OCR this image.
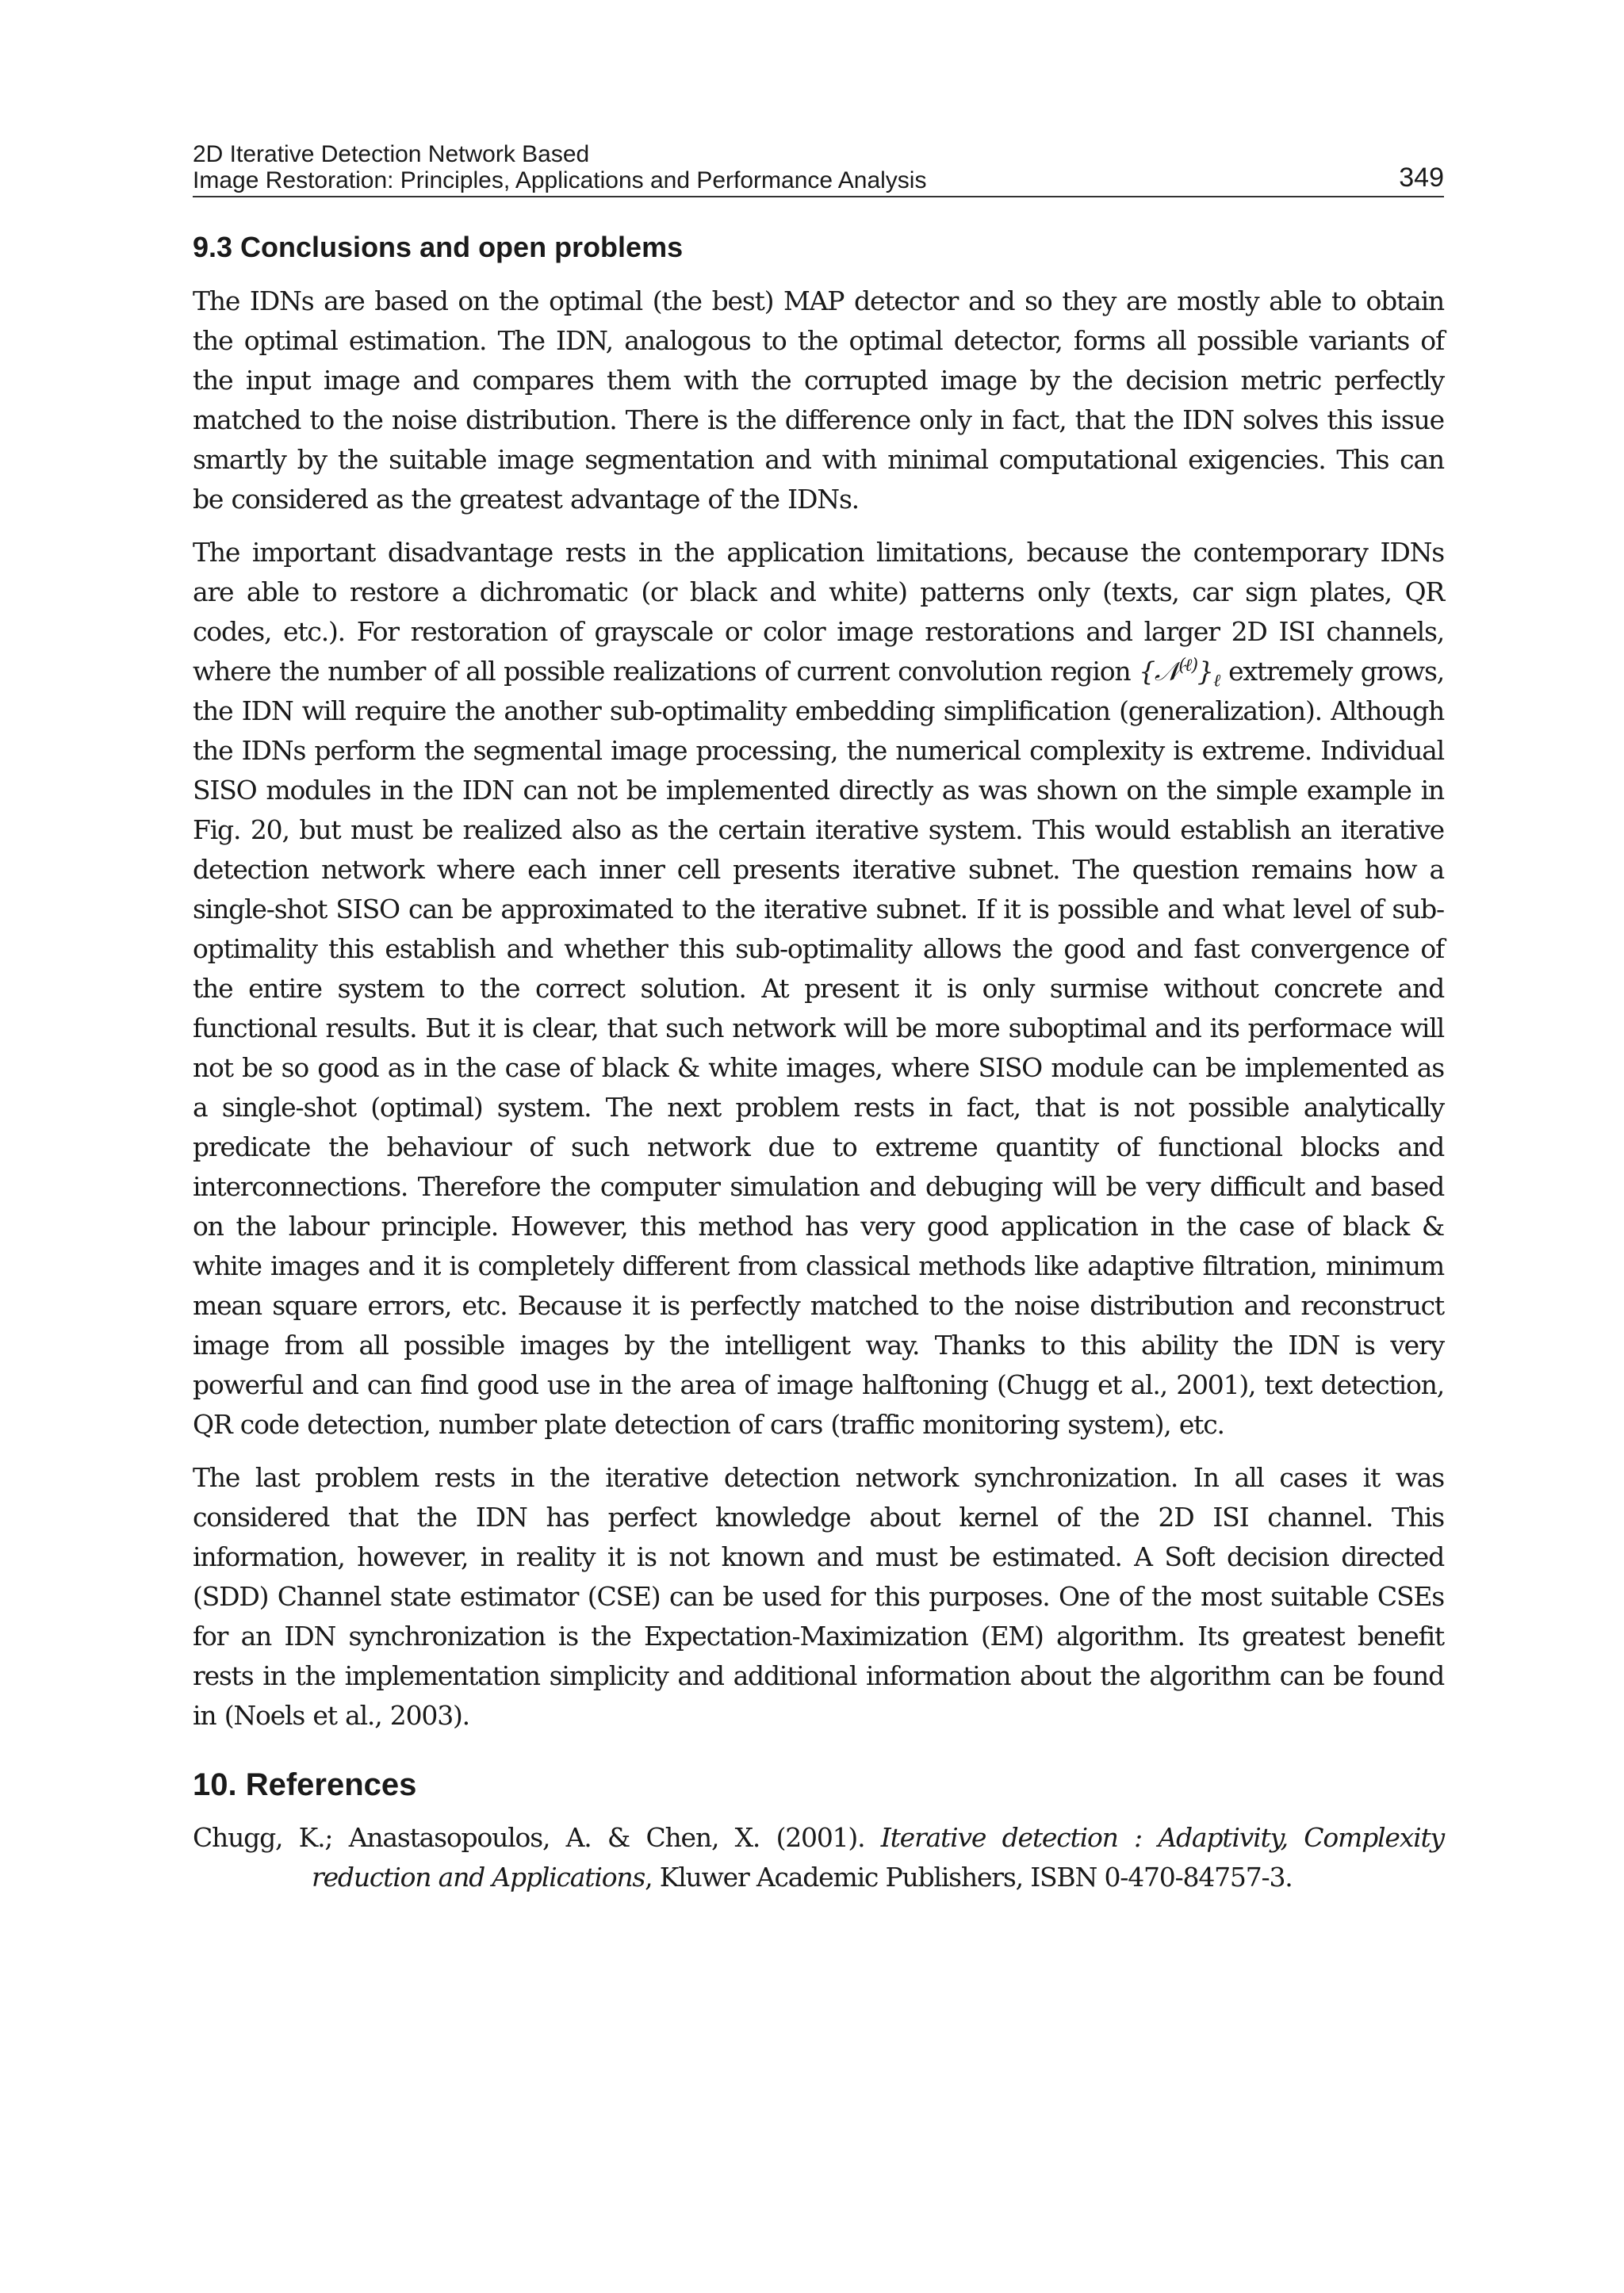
2D Iterative Detection Network Based
Image Restoration: Principles, Applications and Performance Analysis	349
9.3 Conclusions and open problems

The IDNs are based on the optimal (the best) MAP detector and so they are mostly able to obtain the optimal estimation. The IDN, analogous to the optimal detector, forms all possible variants of the input image and compares them with the corrupted image by the decision metric perfectly matched to the noise distribution. There is the difference only in fact, that the IDN solves this issue smartly by the suitable image segmentation and with minimal computational exigencies. This can be considered as the greatest advantage of the IDNs.

The important disadvantage rests in the application limitations, because the contemporary IDNs are able to restore a dichromatic (or black and white) patterns only (texts, car sign plates, QR codes, etc.). For restoration of grayscale or color image restorations and larger 2D ISI channels, where the number of all possible realizations of current convolution region $\{𝒩^{(\ell)}\}_\ell$ extremely grows, the IDN will require the another sub-optimality embedding simplification (generalization). Although the IDNs perform the segmental image processing, the numerical complexity is extreme. Individual SISO modules in the IDN can not be implemented directly as was shown on the simple example in Fig. 20, but must be realized also as the certain iterative system. This would establish an iterative detection network where each inner cell presents iterative subnet. The question remains how a single-shot SISO can be approximated to the iterative subnet. If it is possible and what level of sub-optimality this establish and whether this sub-optimality allows the good and fast convergence of the entire system to the correct solution. At present it is only surmise without concrete and functional results. But it is clear, that such network will be more suboptimal and its performace will not be so good as in the case of black & white images, where SISO module can be implemented as a single-shot (optimal) system. The next problem rests in fact, that is not possible analytically predicate the behaviour of such network due to extreme quantity of functional blocks and interconnections. Therefore the computer simulation and debuging will be very difficult and based on the labour principle. However, this method has very good application in the case of black & white images and it is completely different from classical methods like adaptive filtration, minimum mean square errors, etc. Because it is perfectly matched to the noise distribution and reconstruct image from all possible images by the intelligent way. Thanks to this ability the IDN is very powerful and can find good use in the area of image halftoning (Chugg et al., 2001), text detection, QR code detection, number plate detection of cars (traffic monitoring system), etc.

The last problem rests in the iterative detection network synchronization. In all cases it was considered that the IDN has perfect knowledge about kernel of the 2D ISI channel. This information, however, in reality it is not known and must be estimated. A Soft decision directed (SDD) Channel state estimator (CSE) can be used for this purposes. One of the most suitable CSEs for an IDN synchronization is the Expectation-Maximization (EM) algorithm. Its greatest benefit rests in the implementation simplicity and additional information about the algorithm can be found in (Noels et al., 2003).

10. References

Chugg, K.; Anastasopoulos, A. & Chen, X. (2001). Iterative detection : Adaptivity, Complexity reduction and Applications, Kluwer Academic Publishers, ISBN 0-470-84757-3.
